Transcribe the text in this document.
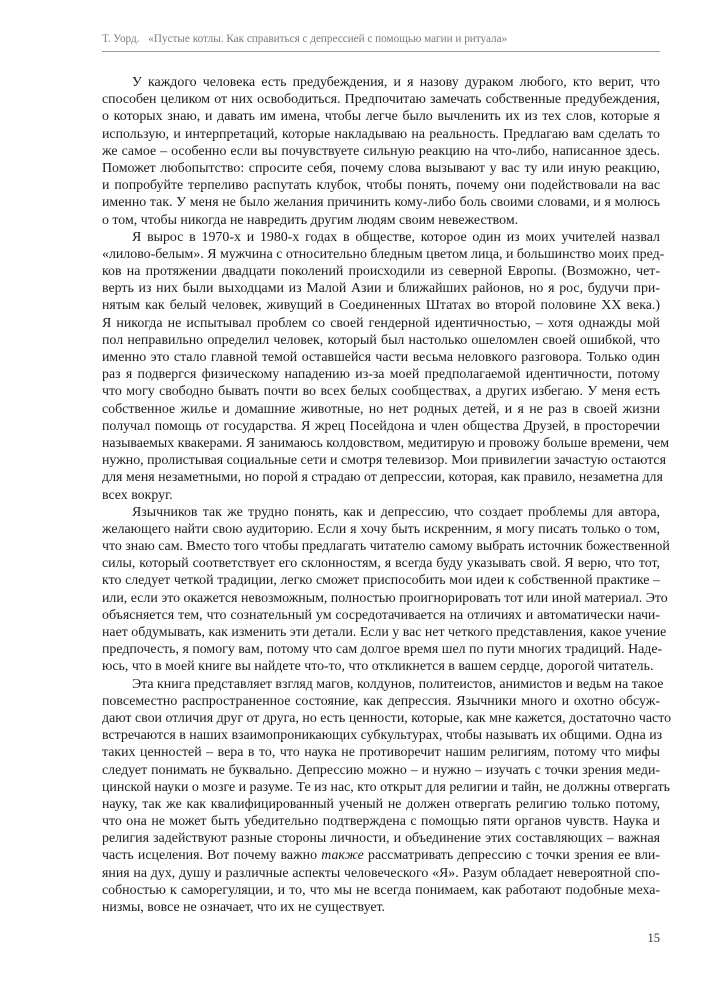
Т. Уорд. «Пустые котлы. Как справиться с депрессией с помощью магии и ритуала»
У каждого человека есть предубеждения, и я назову дураком любого, кто верит, что
способен целиком от них освободиться. Предпочитаю замечать собственные предубеждения,
о которых знаю, и давать им имена, чтобы легче было вычленить их из тех слов, которые я
использую, и интерпретаций, которые накладываю на реальность. Предлагаю вам сделать то
же самое – особенно если вы почувствуете сильную реакцию на что-либо, написанное здесь.
Поможет любопытство: спросите себя, почему слова вызывают у вас ту или иную реакцию,
и попробуйте терпеливо распутать клубок, чтобы понять, почему они подействовали на вас
именно так. У меня не было желания причинить кому-либо боль своими словами, и я молюсь
о том, чтобы никогда не навредить другим людям своим невежеством.
Я вырос в 1970-х и 1980-х годах в обществе, которое один из моих учителей назвал
«лилово-белым». Я мужчина с относительно бледным цветом лица, и большинство моих пред-
ков на протяжении двадцати поколений происходили из северной Европы. (Возможно, чет-
верть из них были выходцами из Малой Азии и ближайших районов, но я рос, будучи при-
нятым как белый человек, живущий в Соединенных Штатах во второй половине XX века.)
Я никогда не испытывал проблем со своей гендерной идентичностью, – хотя однажды мой
пол неправильно определил человек, который был настолько ошеломлен своей ошибкой, что
именно это стало главной темой оставшейся части весьма неловкого разговора. Только один
раз я подвергся физическому нападению из-за моей предполагаемой идентичности, потому
что могу свободно бывать почти во всех белых сообществах, а других избегаю. У меня есть
собственное жилье и домашние животные, но нет родных детей, и я не раз в своей жизни
получал помощь от государства. Я жрец Посейдона и член общества Друзей, в просторечии
называемых квакерами. Я занимаюсь колдовством, медитирую и провожу больше времени, чем
нужно, пролистывая социальные сети и смотря телевизор. Мои привилегии зачастую остаются
для меня незаметными, но порой я страдаю от депрессии, которая, как правило, незаметна для
всех вокруг.
Язычников так же трудно понять, как и депрессию, что создает проблемы для автора,
желающего найти свою аудиторию. Если я хочу быть искренним, я могу писать только о том,
что знаю сам. Вместо того чтобы предлагать читателю самому выбрать источник божественной
силы, который соответствует его склонностям, я всегда буду указывать свой. Я верю, что тот,
кто следует четкой традиции, легко сможет приспособить мои идеи к собственной практике –
или, если это окажется невозможным, полностью проигнорировать тот или иной материал. Это
объясняется тем, что сознательный ум сосредотачивается на отличиях и автоматически начи-
нает обдумывать, как изменить эти детали. Если у вас нет четкого представления, какое учение
предпочесть, я помогу вам, потому что сам долгое время шел по пути многих традиций. Наде-
юсь, что в моей книге вы найдете что-то, что откликнется в вашем сердце, дорогой читатель.
Эта книга представляет взгляд магов, колдунов, политеистов, анимистов и ведьм на такое
повсеместно распространенное состояние, как депрессия. Язычники много и охотно обсуж-
дают свои отличия друг от друга, но есть ценности, которые, как мне кажется, достаточно часто
встречаются в наших взаимопроникающих субкультурах, чтобы называть их общими. Одна из
таких ценностей – вера в то, что наука не противоречит нашим религиям, потому что мифы
следует понимать не буквально. Депрессию можно – и нужно – изучать с точки зрения меди-
цинской науки о мозге и разуме. Те из нас, кто открыт для религии и тайн, не должны отвергать
науку, так же как квалифицированный ученый не должен отвергать религию только потому,
что она не может быть убедительно подтверждена с помощью пяти органов чувств. Наука и
религия задействуют разные стороны личности, и объединение этих составляющих – важная
часть исцеления. Вот почему важно также рассматривать депрессию с точки зрения ее вли-
яния на дух, душу и различные аспекты человеческого «Я». Разум обладает невероятной спо-
собностью к саморегуляции, и то, что мы не всегда понимаем, как работают подобные меха-
низмы, вовсе не означает, что их не существует.
15
